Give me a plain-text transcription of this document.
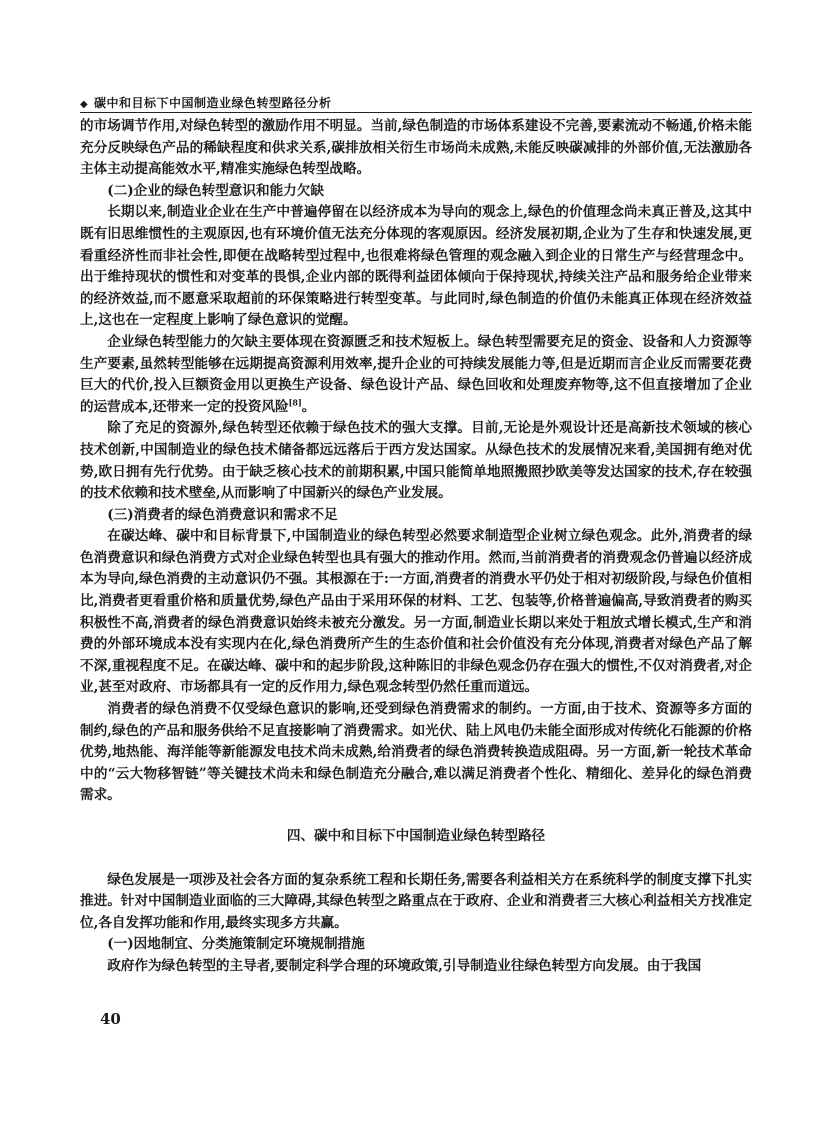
◆ 碳中和目标下中国制造业绿色转型路径分析

的市场调节作用,对绿色转型的激励作用不明显。当前,绿色制造的市场体系建设不完善,要素流动不畅通,价格未能充分反映绿色产品的稀缺程度和供求关系,碳排放相关衍生市场尚未成熟,未能反映碳减排的外部价值,无法激励各主体主动提高能效水平,精准实施绿色转型战略。

(二)企业的绿色转型意识和能力欠缺

长期以来,制造业企业在生产中普遍停留在以经济成本为导向的观念上,绿色的价值理念尚未真正普及,这其中既有旧思维惯性的主观原因,也有环境价值无法充分体现的客观原因。经济发展初期,企业为了生存和快速发展,更看重经济性而非社会性,即便在战略转型过程中,也很难将绿色管理的观念融入到企业的日常生产与经营理念中。出于维持现状的惯性和对变革的畏惧,企业内部的既得利益团体倾向于保持现状,持续关注产品和服务给企业带来的经济效益,而不愿意采取超前的环保策略进行转型变革。与此同时,绿色制造的价值仍未能真正体现在经济效益上,这也在一定程度上影响了绿色意识的觉醒。

企业绿色转型能力的欠缺主要体现在资源匮乏和技术短板上。绿色转型需要充足的资金、设备和人力资源等生产要素,虽然转型能够在远期提高资源利用效率,提升企业的可持续发展能力等,但是近期而言企业反而需要花费巨大的代价,投入巨额资金用以更换生产设备、绿色设计产品、绿色回收和处理废弃物等,这不但直接增加了企业的运营成本,还带来一定的投资风险[8]。

除了充足的资源外,绿色转型还依赖于绿色技术的强大支撑。目前,无论是外观设计还是高新技术领域的核心技术创新,中国制造业的绿色技术储备都远远落后于西方发达国家。从绿色技术的发展情况来看,美国拥有绝对优势,欧日拥有先行优势。由于缺乏核心技术的前期积累,中国只能简单地照搬照抄欧美等发达国家的技术,存在较强的技术依赖和技术壁垒,从而影响了中国新兴的绿色产业发展。

(三)消费者的绿色消费意识和需求不足

在碳达峰、碳中和目标背景下,中国制造业的绿色转型必然要求制造型企业树立绿色观念。此外,消费者的绿色消费意识和绿色消费方式对企业绿色转型也具有强大的推动作用。然而,当前消费者的消费观念仍普遍以经济成本为导向,绿色消费的主动意识仍不强。其根源在于:一方面,消费者的消费水平仍处于相对初级阶段,与绿色价值相比,消费者更看重价格和质量优势,绿色产品由于采用环保的材料、工艺、包装等,价格普遍偏高,导致消费者的购买积极性不高,消费者的绿色消费意识始终未被充分激发。另一方面,制造业长期以来处于粗放式增长模式,生产和消费的外部环境成本没有实现内在化,绿色消费所产生的生态价值和社会价值没有充分体现,消费者对绿色产品了解不深,重视程度不足。在碳达峰、碳中和的起步阶段,这种陈旧的非绿色观念仍存在强大的惯性,不仅对消费者,对企业,甚至对政府、市场都具有一定的反作用力,绿色观念转型仍然任重而道远。

消费者的绿色消费不仅受绿色意识的影响,还受到绿色消费需求的制约。一方面,由于技术、资源等多方面的制约,绿色的产品和服务供给不足直接影响了消费需求。如光伏、陆上风电仍未能全面形成对传统化石能源的价格优势,地热能、海洋能等新能源发电技术尚未成熟,给消费者的绿色消费转换造成阻碍。另一方面,新一轮技术革命中的“云大物移智链”等关键技术尚未和绿色制造充分融合,难以满足消费者个性化、精细化、差异化的绿色消费需求。

四、碳中和目标下中国制造业绿色转型路径

绿色发展是一项涉及社会各方面的复杂系统工程和长期任务,需要各利益相关方在系统科学的制度支撑下扎实推进。针对中国制造业面临的三大障碍,其绿色转型之路重点在于政府、企业和消费者三大核心利益相关方找准定位,各自发挥功能和作用,最终实现多方共赢。

(一)因地制宜、分类施策制定环境规制措施

政府作为绿色转型的主导者,要制定科学合理的环境政策,引导制造业往绿色转型方向发展。由于我国

40
